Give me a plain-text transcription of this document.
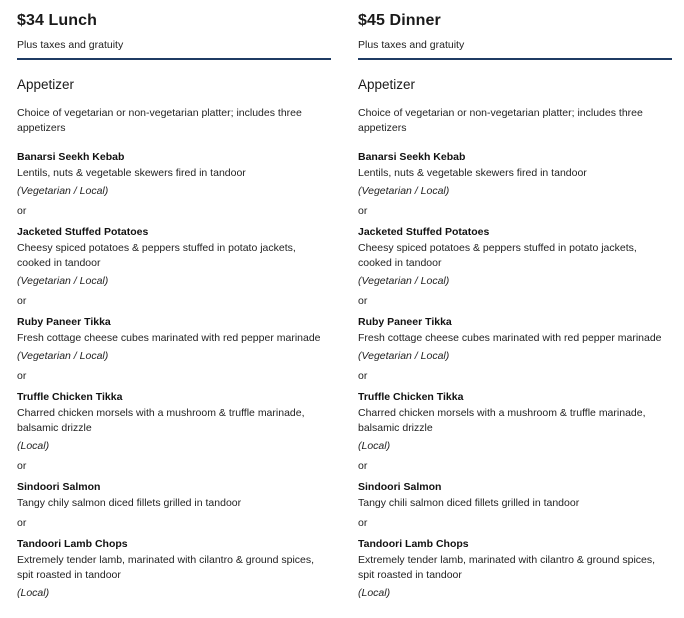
$34 Lunch
Plus taxes and gratuity
Appetizer
Choice of vegetarian or non-vegetarian platter; includes three appetizers
Banarsi Seekh Kebab
Lentils, nuts & vegetable skewers fired in tandoor
(Vegetarian / Local)
or
Jacketed Stuffed Potatoes
Cheesy spiced potatoes & peppers stuffed in potato jackets, cooked in tandoor
(Vegetarian / Local)
or
Ruby Paneer Tikka
Fresh cottage cheese cubes marinated with red pepper marinade
(Vegetarian / Local)
or
Truffle Chicken Tikka
Charred chicken morsels with a mushroom & truffle marinade, balsamic drizzle
(Local)
or
Sindoori Salmon
Tangy chily salmon diced fillets grilled in tandoor
or
Tandoori Lamb Chops
Extremely tender lamb, marinated with cilantro & ground spices, spit roasted in tandoor
(Local)
$45 Dinner
Plus taxes and gratuity
Appetizer
Choice of vegetarian or non-vegetarian platter; includes three appetizers
Banarsi Seekh Kebab
Lentils, nuts & vegetable skewers fired in tandoor
(Vegetarian / Local)
or
Jacketed Stuffed Potatoes
Cheesy spiced potatoes & peppers stuffed in potato jackets, cooked in tandoor
(Vegetarian / Local)
or
Ruby Paneer Tikka
Fresh cottage cheese cubes marinated with red pepper marinade
(Vegetarian / Local)
or
Truffle Chicken Tikka
Charred chicken morsels with a mushroom & truffle marinade, balsamic drizzle
(Local)
or
Sindoori Salmon
Tangy chili salmon diced fillets grilled in tandoor
or
Tandoori Lamb Chops
Extremely tender lamb, marinated with cilantro & ground spices, spit roasted in tandoor
(Local)
